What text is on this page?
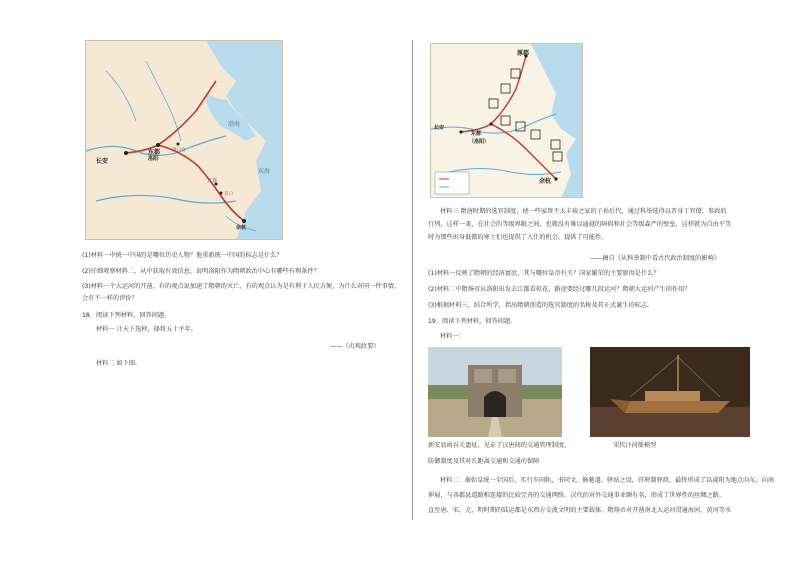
长安
东都
洛阳
洛口仓
余杭
渤海
东海
江都
京口
(1)材料一中统一中国的是哪位历史人物？他重新统一中国的标志是什么？
(2)仔细观察材料二，从中获取有效信息，说明洛阳作为隋朝政治中心有哪些有利条件？
(3)材料一个大运河的开凿，有的观点说加速了隋朝的灭亡，有的观点认为是有利于人民方便。为什么对同一件事情，
会有不一样的评价？
18．阅读下列材料，回答问题。
材料一 计天下选材，择将五十平年。
——《贞观政要》
材料二 如下图。
涿郡
长安
东都
（洛阳）
余杭
材料三 隋唐时期的选官制度，使一些家资不太丰裕之家的子孙后代，通过科举选得以晋身于官僚，参政的
行列。这样一来，在社会的等级界限之间，也就没有难以逾越的障碍和社会等级森严的壁垒，这样就为自由平等
时为那些出身低微的寒士们也提供了入仕的机会，提供了可能性。
——摘自《从科举制中看古代政治制度的影响》
(1)材料一反映了隋朝的经济富庶，其与哪位皇帝有关？国家繁荣的主要原因是什么？
(2)材料二中隋炀帝从洛阳出发去江都看琼花，路途要经过哪几段运河？隋朝大运河产生的作用？
(3)根据材料三，结合所学，指出隋朝创造的选官制度的名称及其正式诞生的标志。
19．阅读下列材料，回答问题。
材料一：
新安县函谷关遗址，见证了汉唐间的交通管理制度，	宋代汴河船模型
防御制度及其对长距离交通和交通的保障
材料二：秦始皇统一全国后，实行车同轨，书同文，修驰道，驿站之设，官府制驿政，最终形成了以咸阳为地点向东、向南
伸展，与各郡县道路相连接的比较完善的交通网络。汉代的对外交通事业颇有名，形成了世界性的丝绸之路。
直至唐、宋、元、明时期的陆运都是东西方交流文明的主要载体。隋炀帝对开凿南北大运河贯通海河、黄河等水
